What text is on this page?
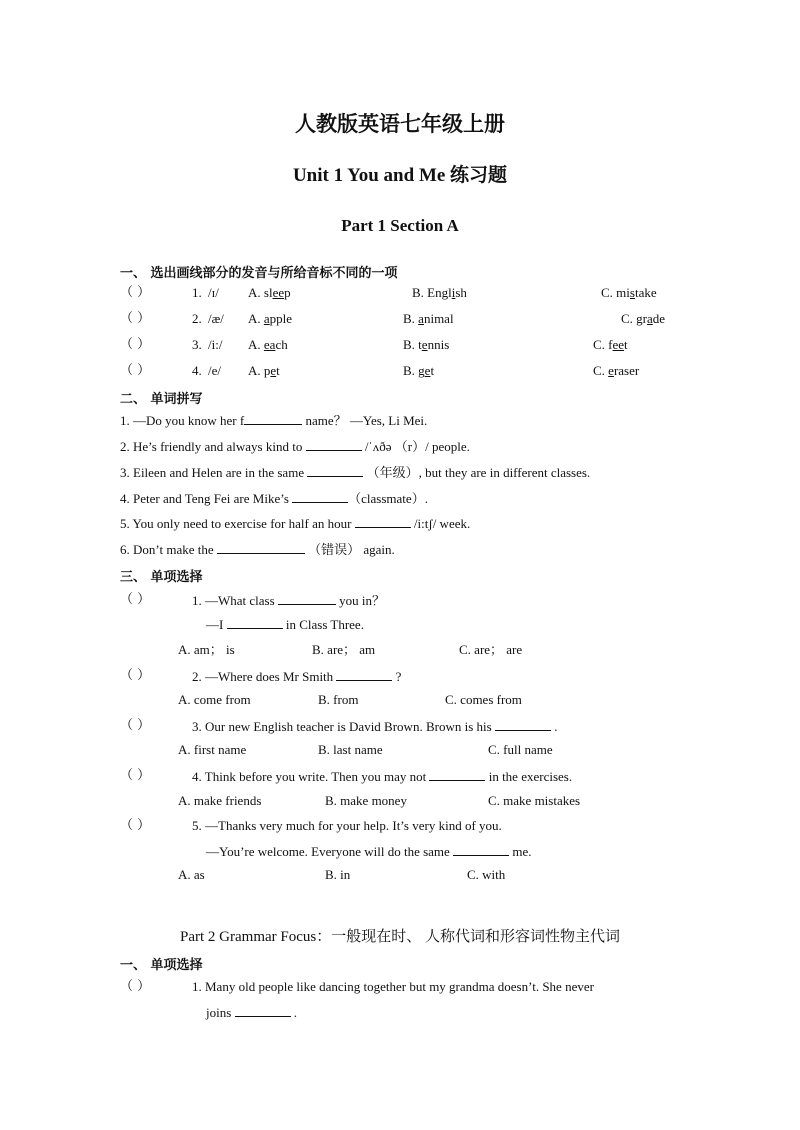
人教版英语七年级上册
Unit 1 You and Me 练习题
Part 1 Section A
一、 选出画线部分的发音与所给音标不同的一项
（ ）	1. /ɪ/ A. sleep	B. English	C. mistake
（ ）	2. /æ/ A. apple	B. animal	C. grade
（ ）	3. /i:/ A. each	B. tennis	C. feet
（ ）	4. /e/ A. pet	B. get	C. eraser
二、 单词拼写
1. —Do you know her f	name？ —Yes, Li Mei.
2. He’s friendly and always kind to	/ˈʌðə （r）/ people.
3. Eileen and Helen are in the same	（年级）, but they are in different classes.
4. Peter and Teng Fei are Mike’s	（classmate）.
5. You only need to exercise for half an hour	/i:tʃ/ week.
6. Don’t make the	（错误） again.
三、 单项选择
（ ）	1. —What class	you in？
—I	in Class Three.
A. am； is	B. are； am	C. are； are
（ ）	2. —Where does Mr Smith	?
A. come from	B. from	C. comes from
（ ）	3. Our new English teacher is David Brown. Brown is his	.
A. first name	B. last name	C. full name
（ ）	4. Think before you write. Then you may not	in the exercises.
A. make friends	B. make money	C. make mistakes
（ ）	5. —Thanks very much for your help. It’s very kind of you.
—You’re welcome. Everyone will do the same	me.
A. as	B. in	C. with
Part 2 Grammar Focus：一般现在时、 人称代词和形容词性物主代词
一、 单项选择
（ ）	1. Many old people like dancing together but my grandma doesn’t. She never
joins	.
